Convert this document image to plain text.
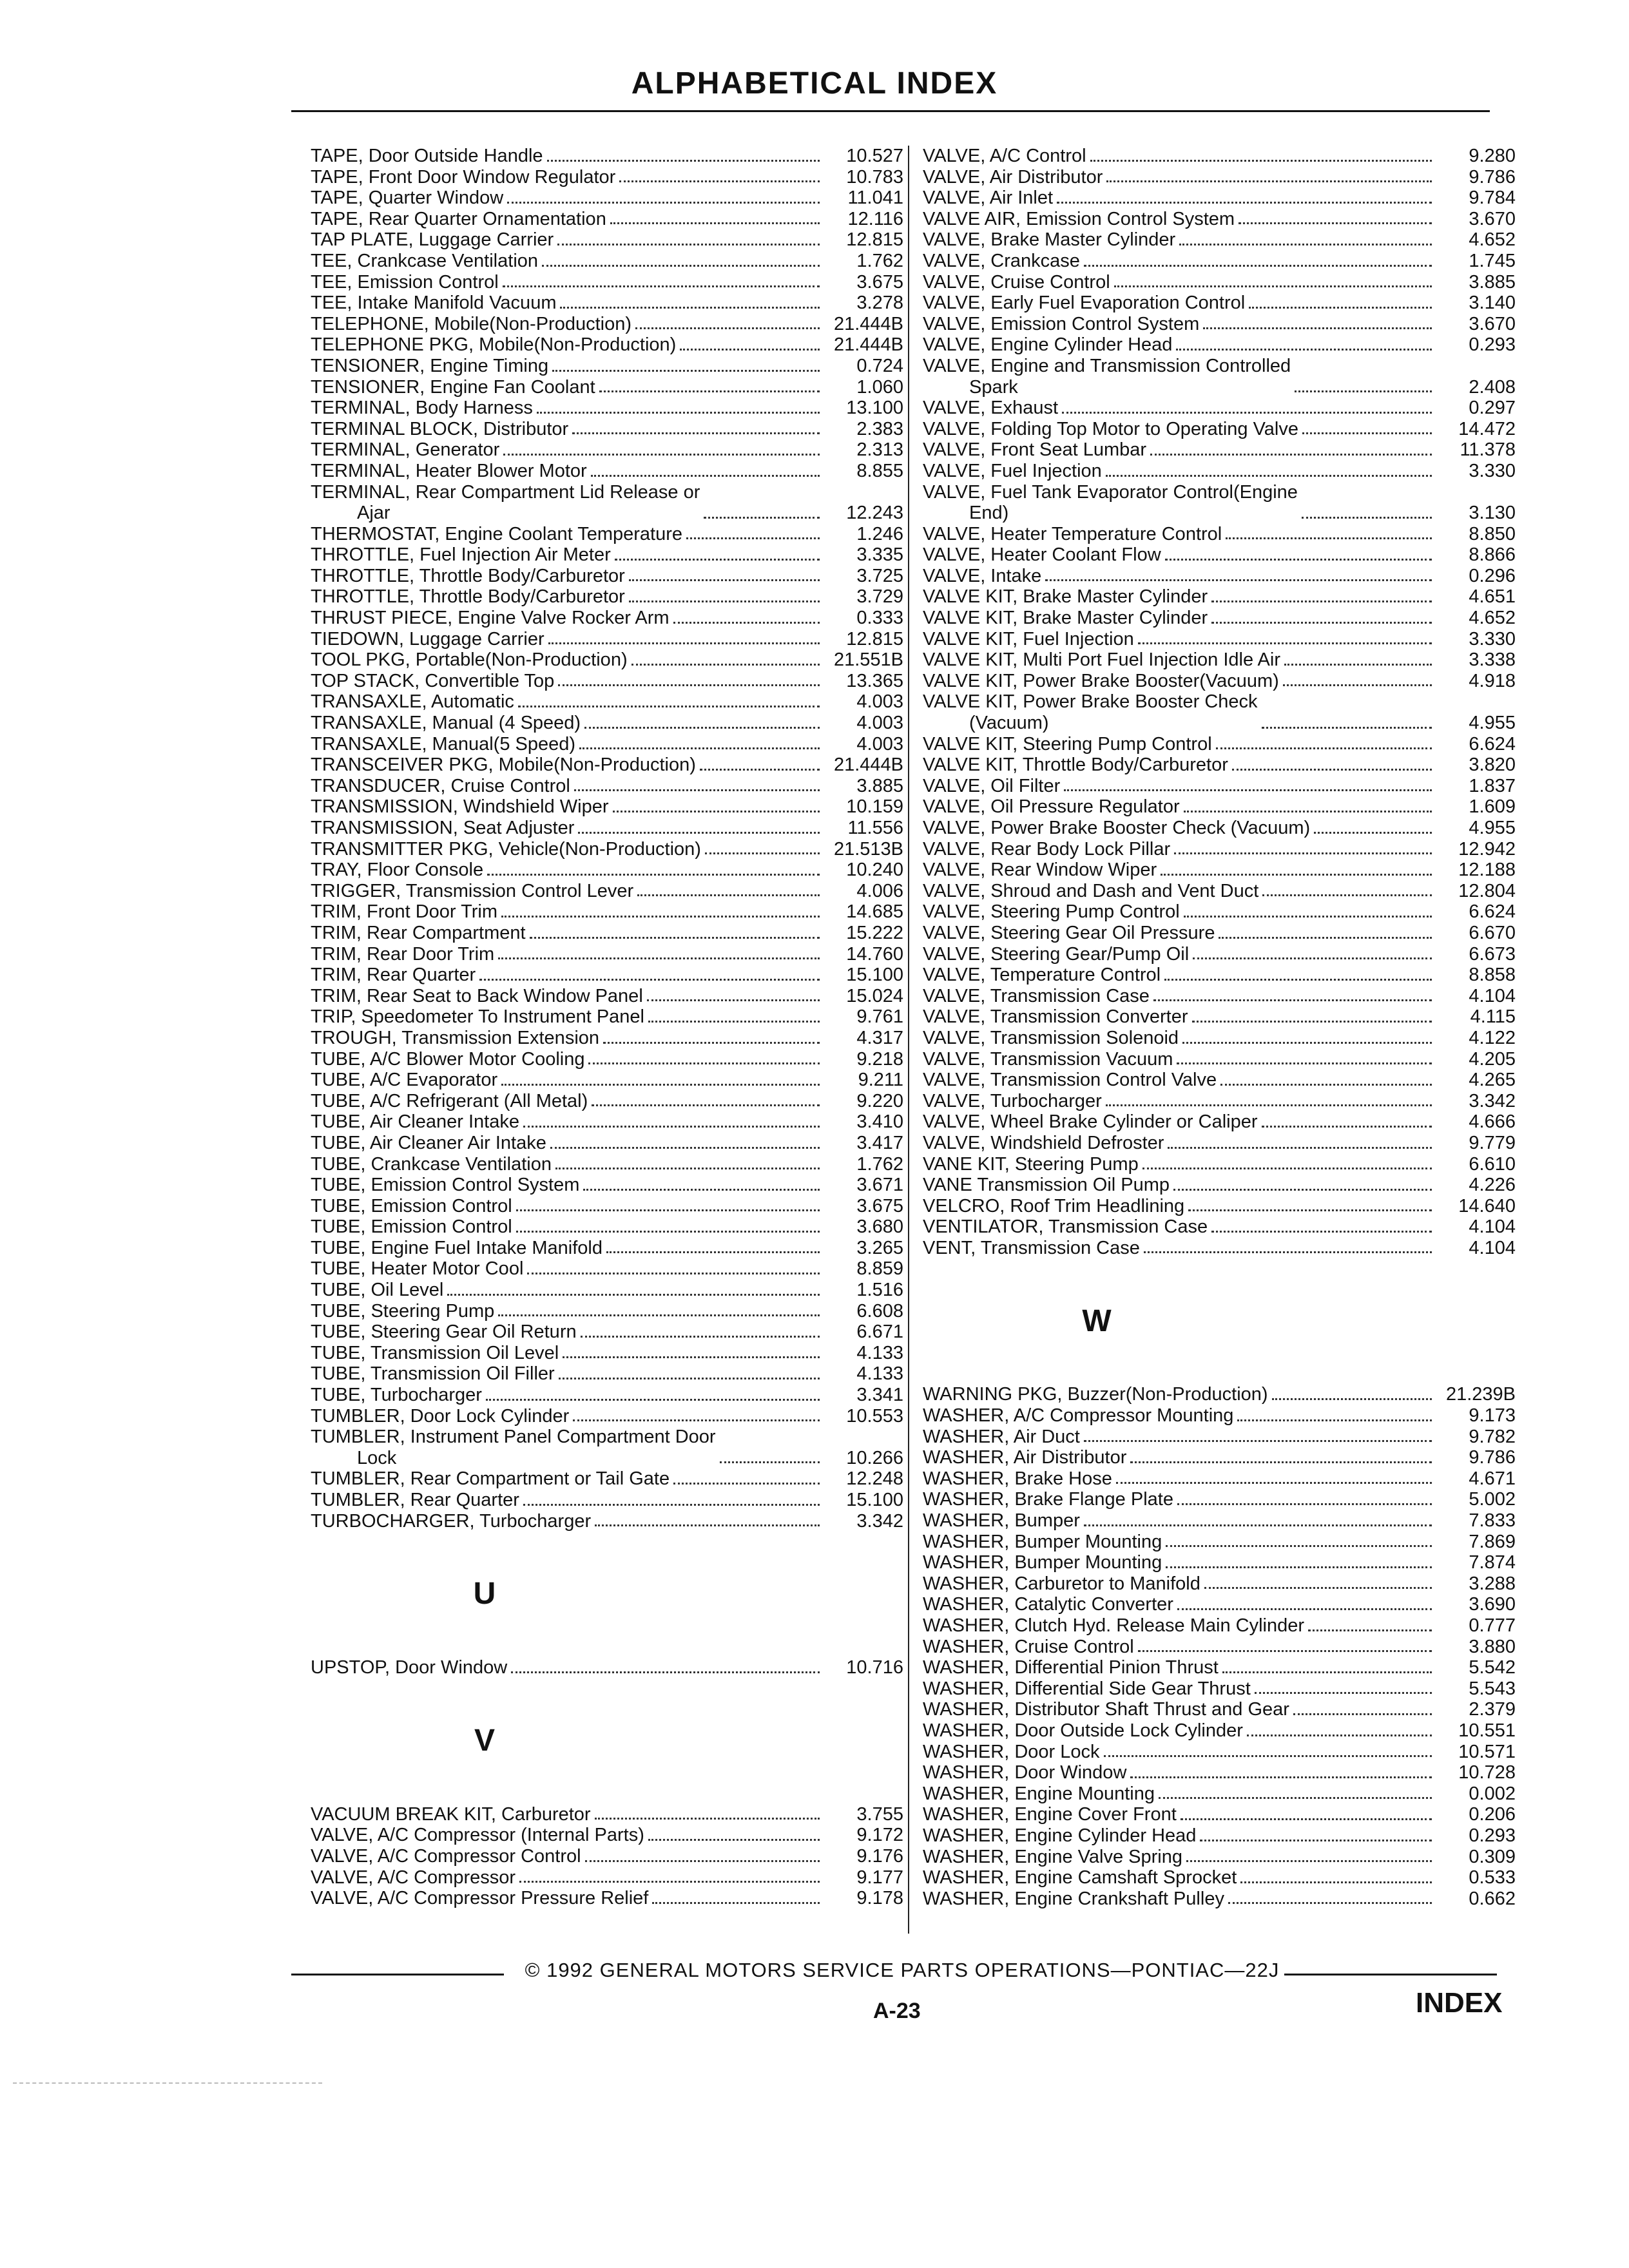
ALPHABETICAL INDEX
TAPE, Door Outside Handle	10.527
TAPE, Front Door Window Regulator	10.783
TAPE, Quarter Window	11.041
TAPE, Rear Quarter Ornamentation	12.116
TAP PLATE, Luggage Carrier	12.815
TEE, Crankcase Ventilation	1.762
TEE, Emission Control	3.675
TEE, Intake Manifold Vacuum	3.278
TELEPHONE, Mobile(Non-Production)	21.444B
TELEPHONE PKG, Mobile(Non-Production)	21.444B
TENSIONER, Engine Timing	0.724
TENSIONER, Engine Fan Coolant	1.060
TERMINAL, Body Harness	13.100
TERMINAL BLOCK, Distributor	2.383
TERMINAL, Generator	2.313
TERMINAL, Heater Blower Motor	8.855
TERMINAL, Rear Compartment Lid Release or
Ajar	12.243
THERMOSTAT, Engine Coolant Temperature	1.246
THROTTLE, Fuel Injection Air Meter	3.335
THROTTLE, Throttle Body/Carburetor	3.725
THROTTLE, Throttle Body/Carburetor	3.729
THRUST PIECE, Engine Valve Rocker Arm	0.333
TIEDOWN, Luggage Carrier	12.815
TOOL PKG, Portable(Non-Production)	21.551B
TOP STACK, Convertible Top	13.365
TRANSAXLE, Automatic	4.003
TRANSAXLE, Manual (4 Speed)	4.003
TRANSAXLE, Manual(5 Speed)	4.003
TRANSCEIVER PKG, Mobile(Non-Production)	21.444B
TRANSDUCER, Cruise Control	3.885
TRANSMISSION, Windshield Wiper	10.159
TRANSMISSION, Seat Adjuster	11.556
TRANSMITTER PKG, Vehicle(Non-Production)	21.513B
TRAY, Floor Console	10.240
TRIGGER, Transmission Control Lever	4.006
TRIM, Front Door Trim	14.685
TRIM, Rear Compartment	15.222
TRIM, Rear Door Trim	14.760
TRIM, Rear Quarter	15.100
TRIM, Rear Seat to Back Window Panel	15.024
TRIP, Speedometer To Instrument Panel	9.761
TROUGH, Transmission Extension	4.317
TUBE, A/C Blower Motor Cooling	9.218
TUBE, A/C Evaporator	9.211
TUBE, A/C Refrigerant (All Metal)	9.220
TUBE, Air Cleaner Intake	3.410
TUBE, Air Cleaner Air Intake	3.417
TUBE, Crankcase Ventilation	1.762
TUBE, Emission Control System	3.671
TUBE, Emission Control	3.675
TUBE, Emission Control	3.680
TUBE, Engine Fuel Intake Manifold	3.265
TUBE, Heater Motor Cool	8.859
TUBE, Oil Level	1.516
TUBE, Steering Pump	6.608
TUBE, Steering Gear Oil Return	6.671
TUBE, Transmission Oil Level	4.133
TUBE, Transmission Oil Filler	4.133
TUBE, Turbocharger	3.341
TUMBLER, Door Lock Cylinder	10.553
TUMBLER, Instrument Panel Compartment Door
Lock	10.266
TUMBLER, Rear Compartment or Tail Gate	12.248
TUMBLER, Rear Quarter	15.100
TURBOCHARGER, Turbocharger	3.342
U
UPSTOP, Door Window	10.716
V
VACUUM BREAK KIT, Carburetor	3.755
VALVE, A/C Compressor (Internal Parts)	9.172
VALVE, A/C Compressor Control	9.176
VALVE, A/C Compressor	9.177
VALVE, A/C Compressor Pressure Relief	9.178
VALVE, A/C Control	9.280
VALVE, Air Distributor	9.786
VALVE, Air Inlet	9.784
VALVE AIR, Emission Control System	3.670
VALVE, Brake Master Cylinder	4.652
VALVE, Crankcase	1.745
VALVE, Cruise Control	3.885
VALVE, Early Fuel Evaporation Control	3.140
VALVE, Emission Control System	3.670
VALVE, Engine Cylinder Head	0.293
VALVE, Engine and Transmission Controlled
Spark	2.408
VALVE, Exhaust	0.297
VALVE, Folding Top Motor to Operating Valve	14.472
VALVE, Front Seat Lumbar	11.378
VALVE, Fuel Injection	3.330
VALVE, Fuel Tank Evaporator Control(Engine
End)	3.130
VALVE, Heater Temperature Control	8.850
VALVE, Heater Coolant Flow	8.866
VALVE, Intake	0.296
VALVE KIT, Brake Master Cylinder	4.651
VALVE KIT, Brake Master Cylinder	4.652
VALVE KIT, Fuel Injection	3.330
VALVE KIT, Multi Port Fuel Injection Idle Air	3.338
VALVE KIT, Power Brake Booster(Vacuum)	4.918
VALVE KIT, Power Brake Booster Check
(Vacuum)	4.955
VALVE KIT, Steering Pump Control	6.624
VALVE KIT, Throttle Body/Carburetor	3.820
VALVE, Oil Filter	1.837
VALVE, Oil Pressure Regulator	1.609
VALVE, Power Brake Booster Check (Vacuum)	4.955
VALVE, Rear Body Lock Pillar	12.942
VALVE, Rear Window Wiper	12.188
VALVE, Shroud and Dash and Vent Duct	12.804
VALVE, Steering Pump Control	6.624
VALVE, Steering Gear Oil Pressure	6.670
VALVE, Steering Gear/Pump Oil	6.673
VALVE, Temperature Control	8.858
VALVE, Transmission Case	4.104
VALVE, Transmission Converter	4.115
VALVE, Transmission Solenoid	4.122
VALVE, Transmission Vacuum	4.205
VALVE, Transmission Control Valve	4.265
VALVE, Turbocharger	3.342
VALVE, Wheel Brake Cylinder or Caliper	4.666
VALVE, Windshield Defroster	9.779
VANE KIT, Steering Pump	6.610
VANE Transmission Oil Pump	4.226
VELCRO, Roof Trim Headlining	14.640
VENTILATOR, Transmission Case	4.104
VENT, Transmission Case	4.104
W
WARNING PKG, Buzzer(Non-Production)	21.239B
WASHER, A/C Compressor Mounting	9.173
WASHER, Air Duct	9.782
WASHER, Air Distributor	9.786
WASHER, Brake Hose	4.671
WASHER, Brake Flange Plate	5.002
WASHER, Bumper	7.833
WASHER, Bumper Mounting	7.869
WASHER, Bumper Mounting	7.874
WASHER, Carburetor to Manifold	3.288
WASHER, Catalytic Converter	3.690
WASHER, Clutch Hyd. Release Main Cylinder	0.777
WASHER, Cruise Control	3.880
WASHER, Differential Pinion Thrust	5.542
WASHER, Differential Side Gear Thrust	5.543
WASHER, Distributor Shaft Thrust and Gear	2.379
WASHER, Door Outside Lock Cylinder	10.551
WASHER, Door Lock	10.571
WASHER, Door Window	10.728
WASHER, Engine Mounting	0.002
WASHER, Engine Cover Front	0.206
WASHER, Engine Cylinder Head	0.293
WASHER, Engine Valve Spring	0.309
WASHER, Engine Camshaft Sprocket	0.533
WASHER, Engine Crankshaft Pulley	0.662
© 1992 GENERAL MOTORS SERVICE PARTS OPERATIONS—PONTIAC—22J
A-23	INDEX
